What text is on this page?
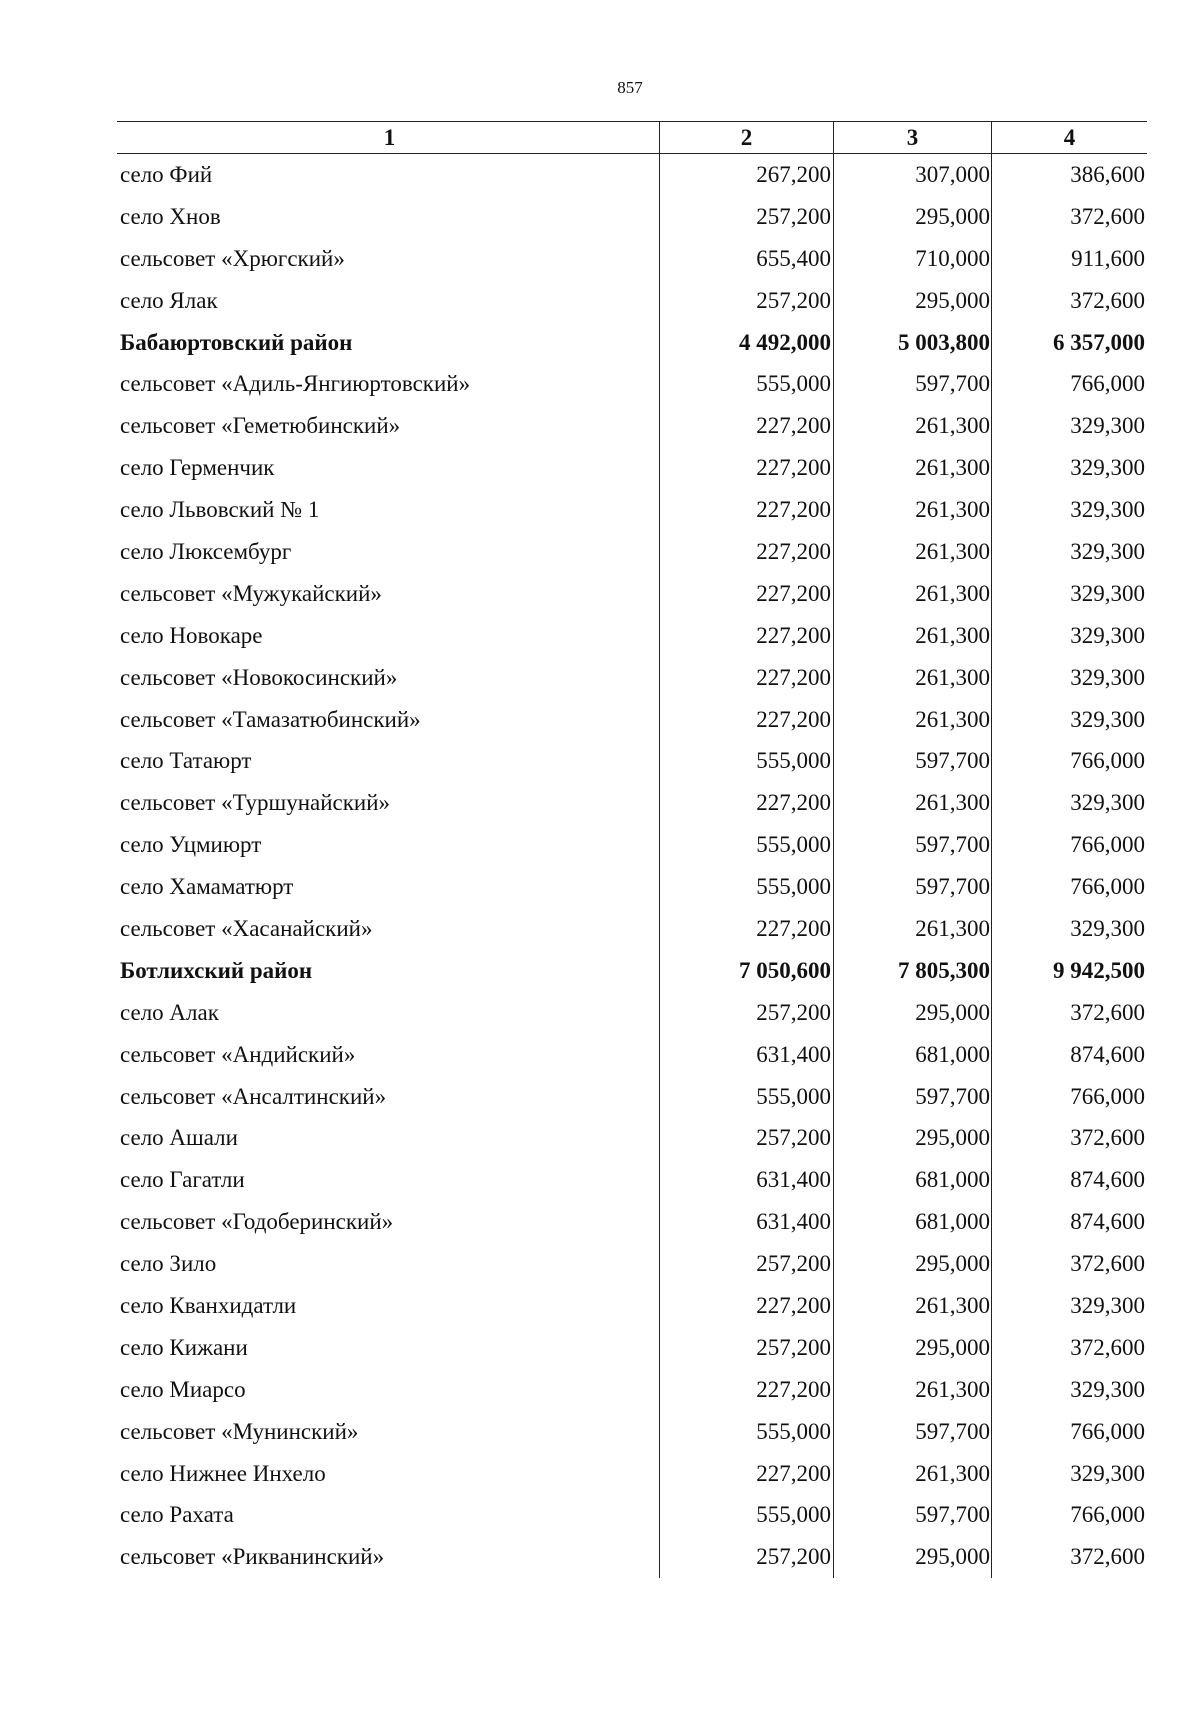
857
1	2	3	4
село Фий	267,200	307,000	386,600
село Хнов	257,200	295,000	372,600
сельсовет «Хрюгский»	655,400	710,000	911,600
село Ялак	257,200	295,000	372,600
Бабаюртовский район	4 492,000	5 003,800	6 357,000
сельсовет «Адиль-Янгиюртовский»	555,000	597,700	766,000
сельсовет «Геметюбинский»	227,200	261,300	329,300
село Герменчик	227,200	261,300	329,300
село Львовский № 1	227,200	261,300	329,300
село Люксембург	227,200	261,300	329,300
сельсовет «Мужукайский»	227,200	261,300	329,300
село Новокаре	227,200	261,300	329,300
сельсовет «Новокосинский»	227,200	261,300	329,300
сельсовет «Тамазатюбинский»	227,200	261,300	329,300
село Татаюрт	555,000	597,700	766,000
сельсовет «Туршунайский»	227,200	261,300	329,300
село Уцмиюрт	555,000	597,700	766,000
село Хамаматюрт	555,000	597,700	766,000
сельсовет «Хасанайский»	227,200	261,300	329,300
Ботлихский район	7 050,600	7 805,300	9 942,500
село Алак	257,200	295,000	372,600
сельсовет «Андийский»	631,400	681,000	874,600
сельсовет «Ансалтинский»	555,000	597,700	766,000
село Ашали	257,200	295,000	372,600
село Гагатли	631,400	681,000	874,600
сельсовет «Годоберинский»	631,400	681,000	874,600
село Зило	257,200	295,000	372,600
село Кванхидатли	227,200	261,300	329,300
село Кижани	257,200	295,000	372,600
село Миарсо	227,200	261,300	329,300
сельсовет «Мунинский»	555,000	597,700	766,000
село Нижнее Инхело	227,200	261,300	329,300
село Рахата	555,000	597,700	766,000
сельсовет «Рикванинский»	257,200	295,000	372,600
